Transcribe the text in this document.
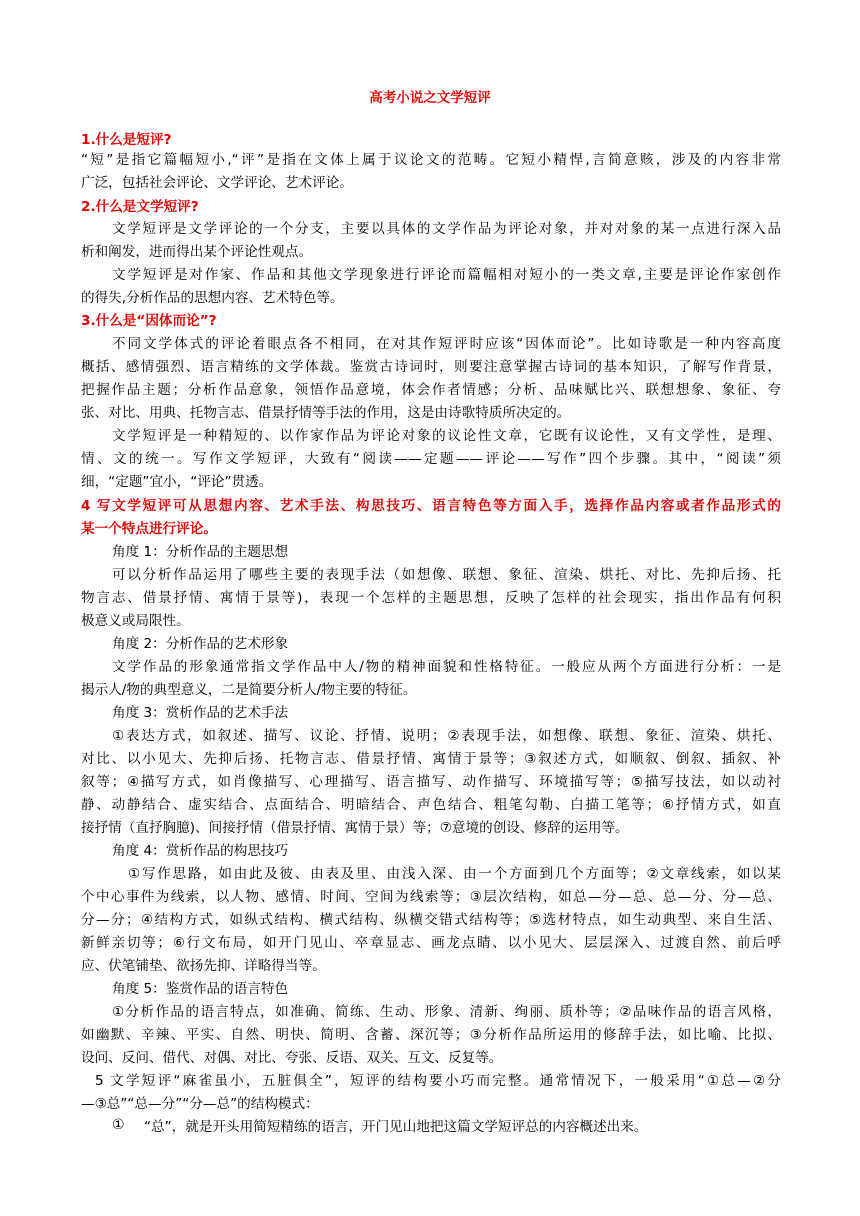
高考小说之文学短评
1.什么是短评?
“短”是指它篇幅短小,“评”是指在文体上属于议论文的范畴。它短小精悍,言简意赅，涉及的内容非常
广泛，包括社会评论、文学评论、艺术评论。
2.什么是文学短评?
文学短评是文学评论的一个分支，主要以具体的文学作品为评论对象，并对对象的某一点进行深入品
析和阐发，进而得出某个评论性观点。
文学短评是对作家、作品和其他文学现象进行评论而篇幅相对短小的一类文章,主要是评论作家创作
的得失,分析作品的思想内容、艺术特色等。
3.什么是“因体而论”?
不同文学体式的评论着眼点各不相同，在对其作短评时应该“因体而论”。比如诗歌是一种内容高度
概括、感情强烈、语言精练的文学体裁。鉴赏古诗词时，则要注意掌握古诗词的基本知识，了解写作背景，
把握作品主题；分析作品意象，领悟作品意境，体会作者情感；分析、品味赋比兴、联想想象、象征、夸
张、对比、用典、托物言志、借景抒情等手法的作用，这是由诗歌特质所决定的。
文学短评是一种精短的、以作家作品为评论对象的议论性文章，它既有议论性，又有文学性，是理、
情、文的统一。写作文学短评，大致有“阅读——定题——评论——写作”四个步骤。其中，“阅读”须
细，“定题”宜小，“评论”贯透。
4 写文学短评可从思想内容、艺术手法、构思技巧、语言特色等方面入手，选择作品内容或者作品形式的
某一个特点进行评论。
角度 1：分析作品的主题思想
可以分析作品运用了哪些主要的表现手法（如想像、联想、象征、渲染、烘托、对比、先抑后扬、托
物言志、借景抒情、寓情于景等)，表现一个怎样的主题思想，反映了怎样的社会现实，指出作品有何积
极意义或局限性。
角度 2：分析作品的艺术形象
文学作品的形象通常指文学作品中人/物的精神面貌和性格特征。一般应从两个方面进行分析：一是
揭示人/物的典型意义，二是简要分析人/物主要的特征。
角度 3：赏析作品的艺术手法
①表达方式，如叙述、描写、议论、抒情、说明；②表现手法，如想像、联想、象征、渲染、烘托、
对比、以小见大、先抑后扬、托物言志、借景抒情、寓情于景等；③叙述方式，如顺叙、倒叙、插叙、补
叙等；④描写方式，如肖像描写、心理描写、语言描写、动作描写、环境描写等；⑤描写技法，如以动衬
静、动静结合、虚实结合、点面结合、明暗结合、声色结合、粗笔勾勒、白描工笔等；⑥抒情方式，如直
接抒情（直抒胸臆)、间接抒情（借景抒情、寓情于景）等；⑦意境的创设、修辞的运用等。
角度 4：赏析作品的构思技巧
①写作思路，如由此及彼、由表及里、由浅入深、由一个方面到几个方面等；②文章线索，如以某
个中心事件为线索，以人物、感情、时间、空间为线索等；③层次结构，如总—分—总、总—分、分—总、
分—分；④结构方式，如纵式结构、横式结构、纵横交错式结构等；⑤选材特点，如生动典型、来自生活、
新鲜亲切等；⑥行文布局，如开门见山、卒章显志、画龙点睛、以小见大、层层深入、过渡自然、前后呼
应、伏笔铺垫、欲扬先抑、详略得当等。
角度 5：鉴赏作品的语言特色
①分析作品的语言特点，如准确、简练、生动、形象、清新、绚丽、质朴等；②品味作品的语言风格，
如幽默、辛辣、平实、自然、明快、简明、含蓄、深沉等；③分析作品所运用的修辞手法，如比喻、比拟、
设问、反问、借代、对偶、对比、夸张、反语、双关、互文、反复等。
5 文学短评“麻雀虽小，五脏俱全”，短评的结构要小巧而完整。通常情况下，一般采用“①总—②分
—③总”“总—分”“分—总”的结构模式：
“总”，就是开头用简短精练的语言，开门见山地把这篇文学短评总的内容概述出来。
①
